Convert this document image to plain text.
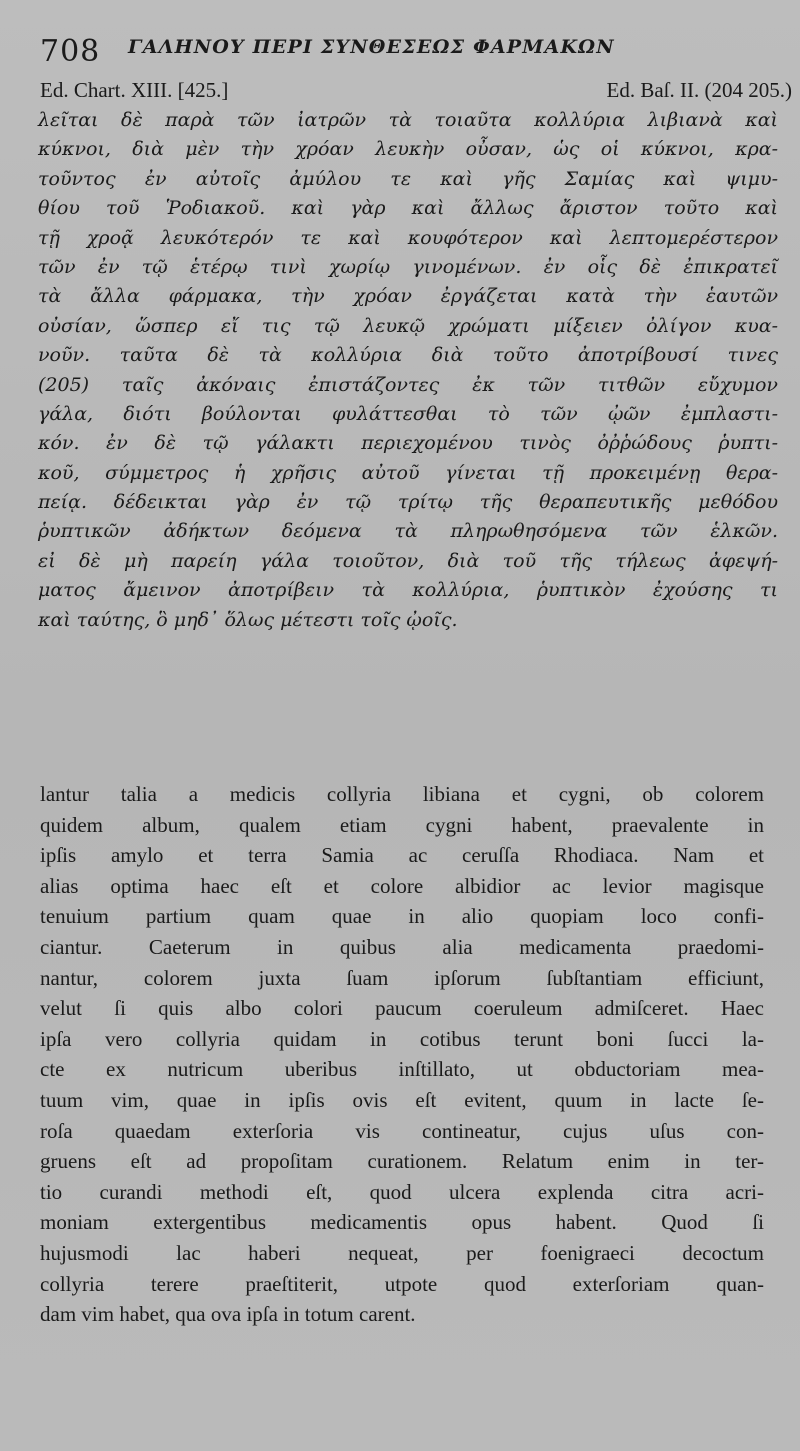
708 ΓΑΛΗΝΟΥ ΠΕΡΙ ΣΥΝΘΕΣΕΩΣ ΦΑΡΜΑΚΩΝ
Ed. Chart. XIII. [425.]	Ed. Baſ. II. (204 205.)
λεῖται δὲ παρὰ τῶν ἰατρῶν τὰ τοιαῦτα κολλύρια λιβιανὰ καὶ
κύκνοι, διὰ μὲν τὴν χρόαν λευκὴν οὖσαν, ὡς οἱ κύκνοι, κρα-
τοῦντος ἐν αὐτοῖς ἀμύλου τε καὶ γῆς Σαμίας καὶ ψιμυ-
θίου τοῦ Ῥοδιακοῦ. καὶ γὰρ καὶ ἄλλως ἄριστον τοῦτο καὶ
τῇ χροᾷ λευκότερόν τε καὶ κουφότερον καὶ λεπτομερέστερον
τῶν ἐν τῷ ἑτέρῳ τινὶ χωρίῳ γινομένων. ἐν οἷς δὲ ἐπικρατεῖ
τὰ ἄλλα φάρμακα, τὴν χρόαν ἐργάζεται κατὰ τὴν ἑαυτῶν
οὐσίαν, ὥσπερ εἴ τις τῷ λευκῷ χρώματι μίξειεν ὀλίγον κυα-
νοῦν. ταῦτα δὲ τὰ κολλύρια διὰ τοῦτο ἀποτρίβουσί τινες
(205) ταῖς ἀκόναις ἐπιστάζοντες ἐκ τῶν τιτθῶν εὔχυμον
γάλα, διότι βούλονται φυλάττεσθαι τὸ τῶν ᾠῶν ἐμπλαστι-
κόν. ἐν δὲ τῷ γάλακτι περιεχομένου τινὸς ὀῤῥώδους ῥυπτι-
κοῦ, σύμμετρος ἡ χρῆσις αὐτοῦ γίνεται τῇ προκειμένῃ θερα-
πείᾳ. δέδεικται γὰρ ἐν τῷ τρίτῳ τῆς θεραπευτικῆς μεθόδου
ῥυπτικῶν ἀδήκτων δεόμενα τὰ πληρωθησόμενα τῶν ἑλκῶν.
εἰ δὲ μὴ παρείη γάλα τοιοῦτον, διὰ τοῦ τῆς τήλεως ἀφεψή-
ματος ἄμεινον ἀποτρίβειν τὰ κολλύρια, ῥυπτικὸν ἐχούσης τι
καὶ ταύτης, ὃ μηδ᾽ ὅλως μέτεστι τοῖς ᾠοῖς.
lantur talia a medicis collyria libiana et cygni, ob colorem
quidem album, qualem etiam cygni habent, praevalente in
ipſis amylo et terra Samia ac ceruſſa Rhodiaca. Nam et
alias optima haec eſt et colore albidior ac levior magisque
tenuium partium quam quae in alio quopiam loco confi-
ciantur. Caeterum in quibus alia medicamenta praedomi-
nantur, colorem juxta ſuam ipſorum ſubſtantiam efficiunt,
velut ſi quis albo colori paucum coeruleum admiſceret. Haec
ipſa vero collyria quidam in cotibus terunt boni ſucci la-
cte ex nutricum uberibus inſtillato, ut obductoriam mea-
tuum vim, quae in ipſis ovis eſt evitent, quum in lacte ſe-
roſa quaedam exterſoria vis contineatur, cujus uſus con-
gruens eſt ad propoſitam curationem. Relatum enim in ter-
tio curandi methodi eſt, quod ulcera explenda citra acri-
moniam extergentibus medicamentis opus habent. Quod ſi
hujusmodi lac haberi nequeat, per foenigraeci decoctum
collyria terere praeſtiterit, utpote quod exterſoriam quan-
dam vim habet, qua ova ipſa in totum carent.
